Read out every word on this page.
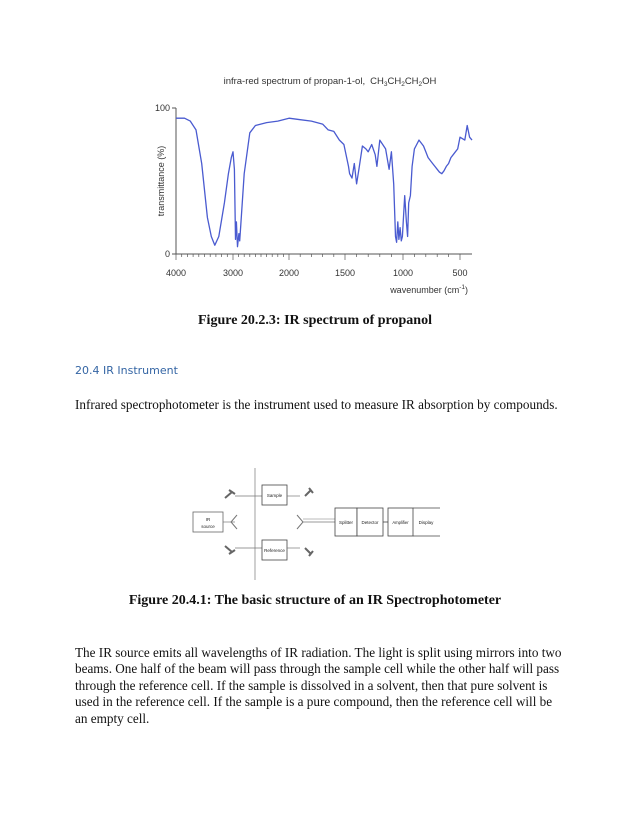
infra-red spectrum of propan-1-ol, $CH_3CH_2CH_2OH$
100
0
4000	3000	2000	1500	1000	500
transmittance (%)
wavenumber $(cm^{-1})$
Figure 20.2.3: IR spectrum of propanol
20.4 IR Instrument

Infrared spectrophotometer is the instrument used to measure IR absorption by compounds.

IR
source
Sample
Reference
Splitter Detector	Amplifier Display
Figure 20.4.1: The basic structure of an IR Spectrophotometer

The IR source emits all wavelengths of IR radiation. The light is split using mirrors into two beams. One half of the beam will pass through the sample cell while the other half will pass through the reference cell. If the sample is dissolved in a solvent, then that pure solvent is used in the reference cell. If the sample is a pure compound, then the reference cell will be an empty cell.
